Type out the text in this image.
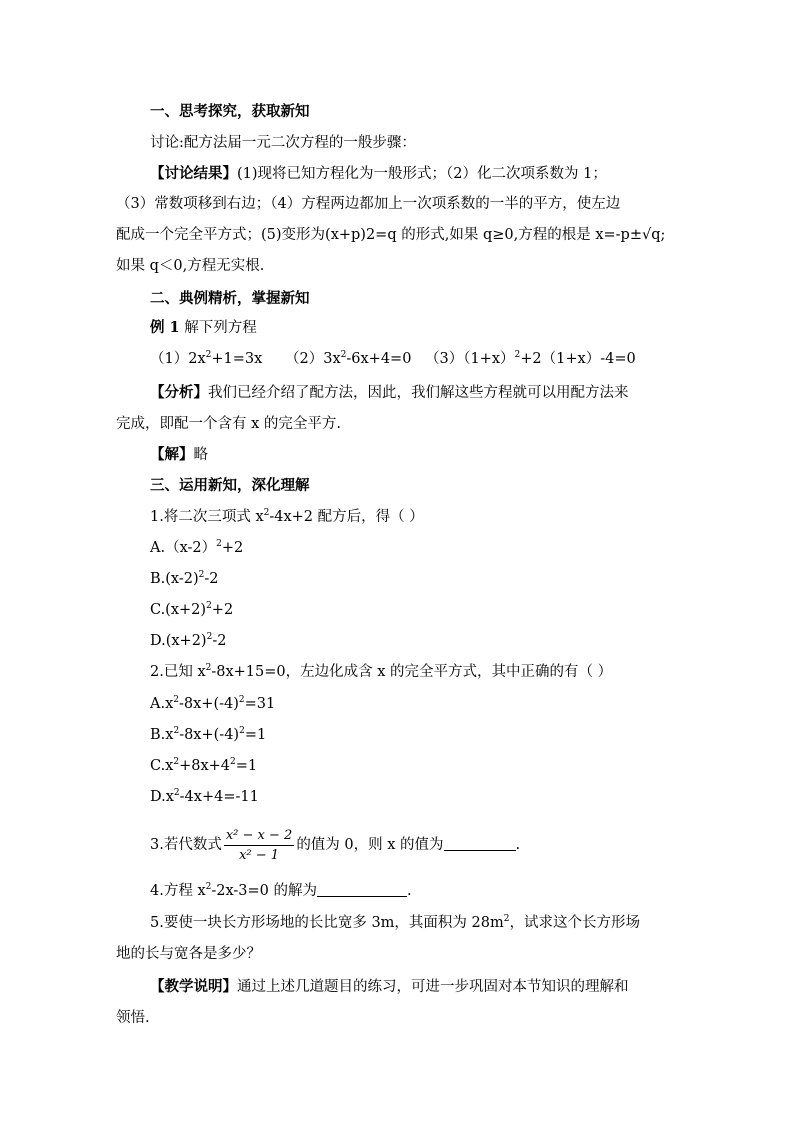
一、思考探究，获取新知
讨论:配方法届一元二次方程的一般步骤：
【讨论结果】(1)现将已知方程化为一般形式；（2）化二次项系数为 1；
（3）常数项移到右边；（4）方程两边都加上一次项系数的一半的平方，使左边
配成一个完全平方式；(5)变形为(x+p)2=q 的形式,如果 q≥0,方程的根是 x=-p±√q;
如果 q＜0,方程无实根.
二、典例精析，掌握新知
例 1 解下列方程
$(1)2x^2+1=3x$ $(2)3x^2-6x+4=0$ $(3)(1+x)^2+2(1+x)-4=0$
【分析】我们已经介绍了配方法，因此，我们解这些方程就可以用配方法来
完成，即配一个含有 x 的完全平方.
【解】略
三、运用新知，深化理解
1.将二次三项式 $x^2-4x+2$ 配方后，得（ ）
$A.(x-2)^2+2$
$B.(x-2)^2-2$
$C.(x+2)^2+2$
$D.(x+2)^2-2$
2.已知 $x^2-8x+15=0$，左边化成含 x 的完全平方式，其中正确的有（ ）
$A.x^2-8x+(-4)^2=31$
$B.x^2-8x+(-4)^2=1$
$C.x^2+8x+4^2=1$
$D.x^2-4x+4=-11$
3.若代数式 $\frac{\text{x² − x − 2}}{\text{x² − 1}}$ 的值为 0，则 x 的值为	.
4.方程 $x^2-2x-3=0$ 的解为	.
5.要使一块长方形场地的长比宽多 3m，其面积为 $28m^2$，试求这个长方形场
地的长与宽各是多少？
【教学说明】通过上述几道题目的练习，可进一步巩固对本节知识的理解和
领悟.
